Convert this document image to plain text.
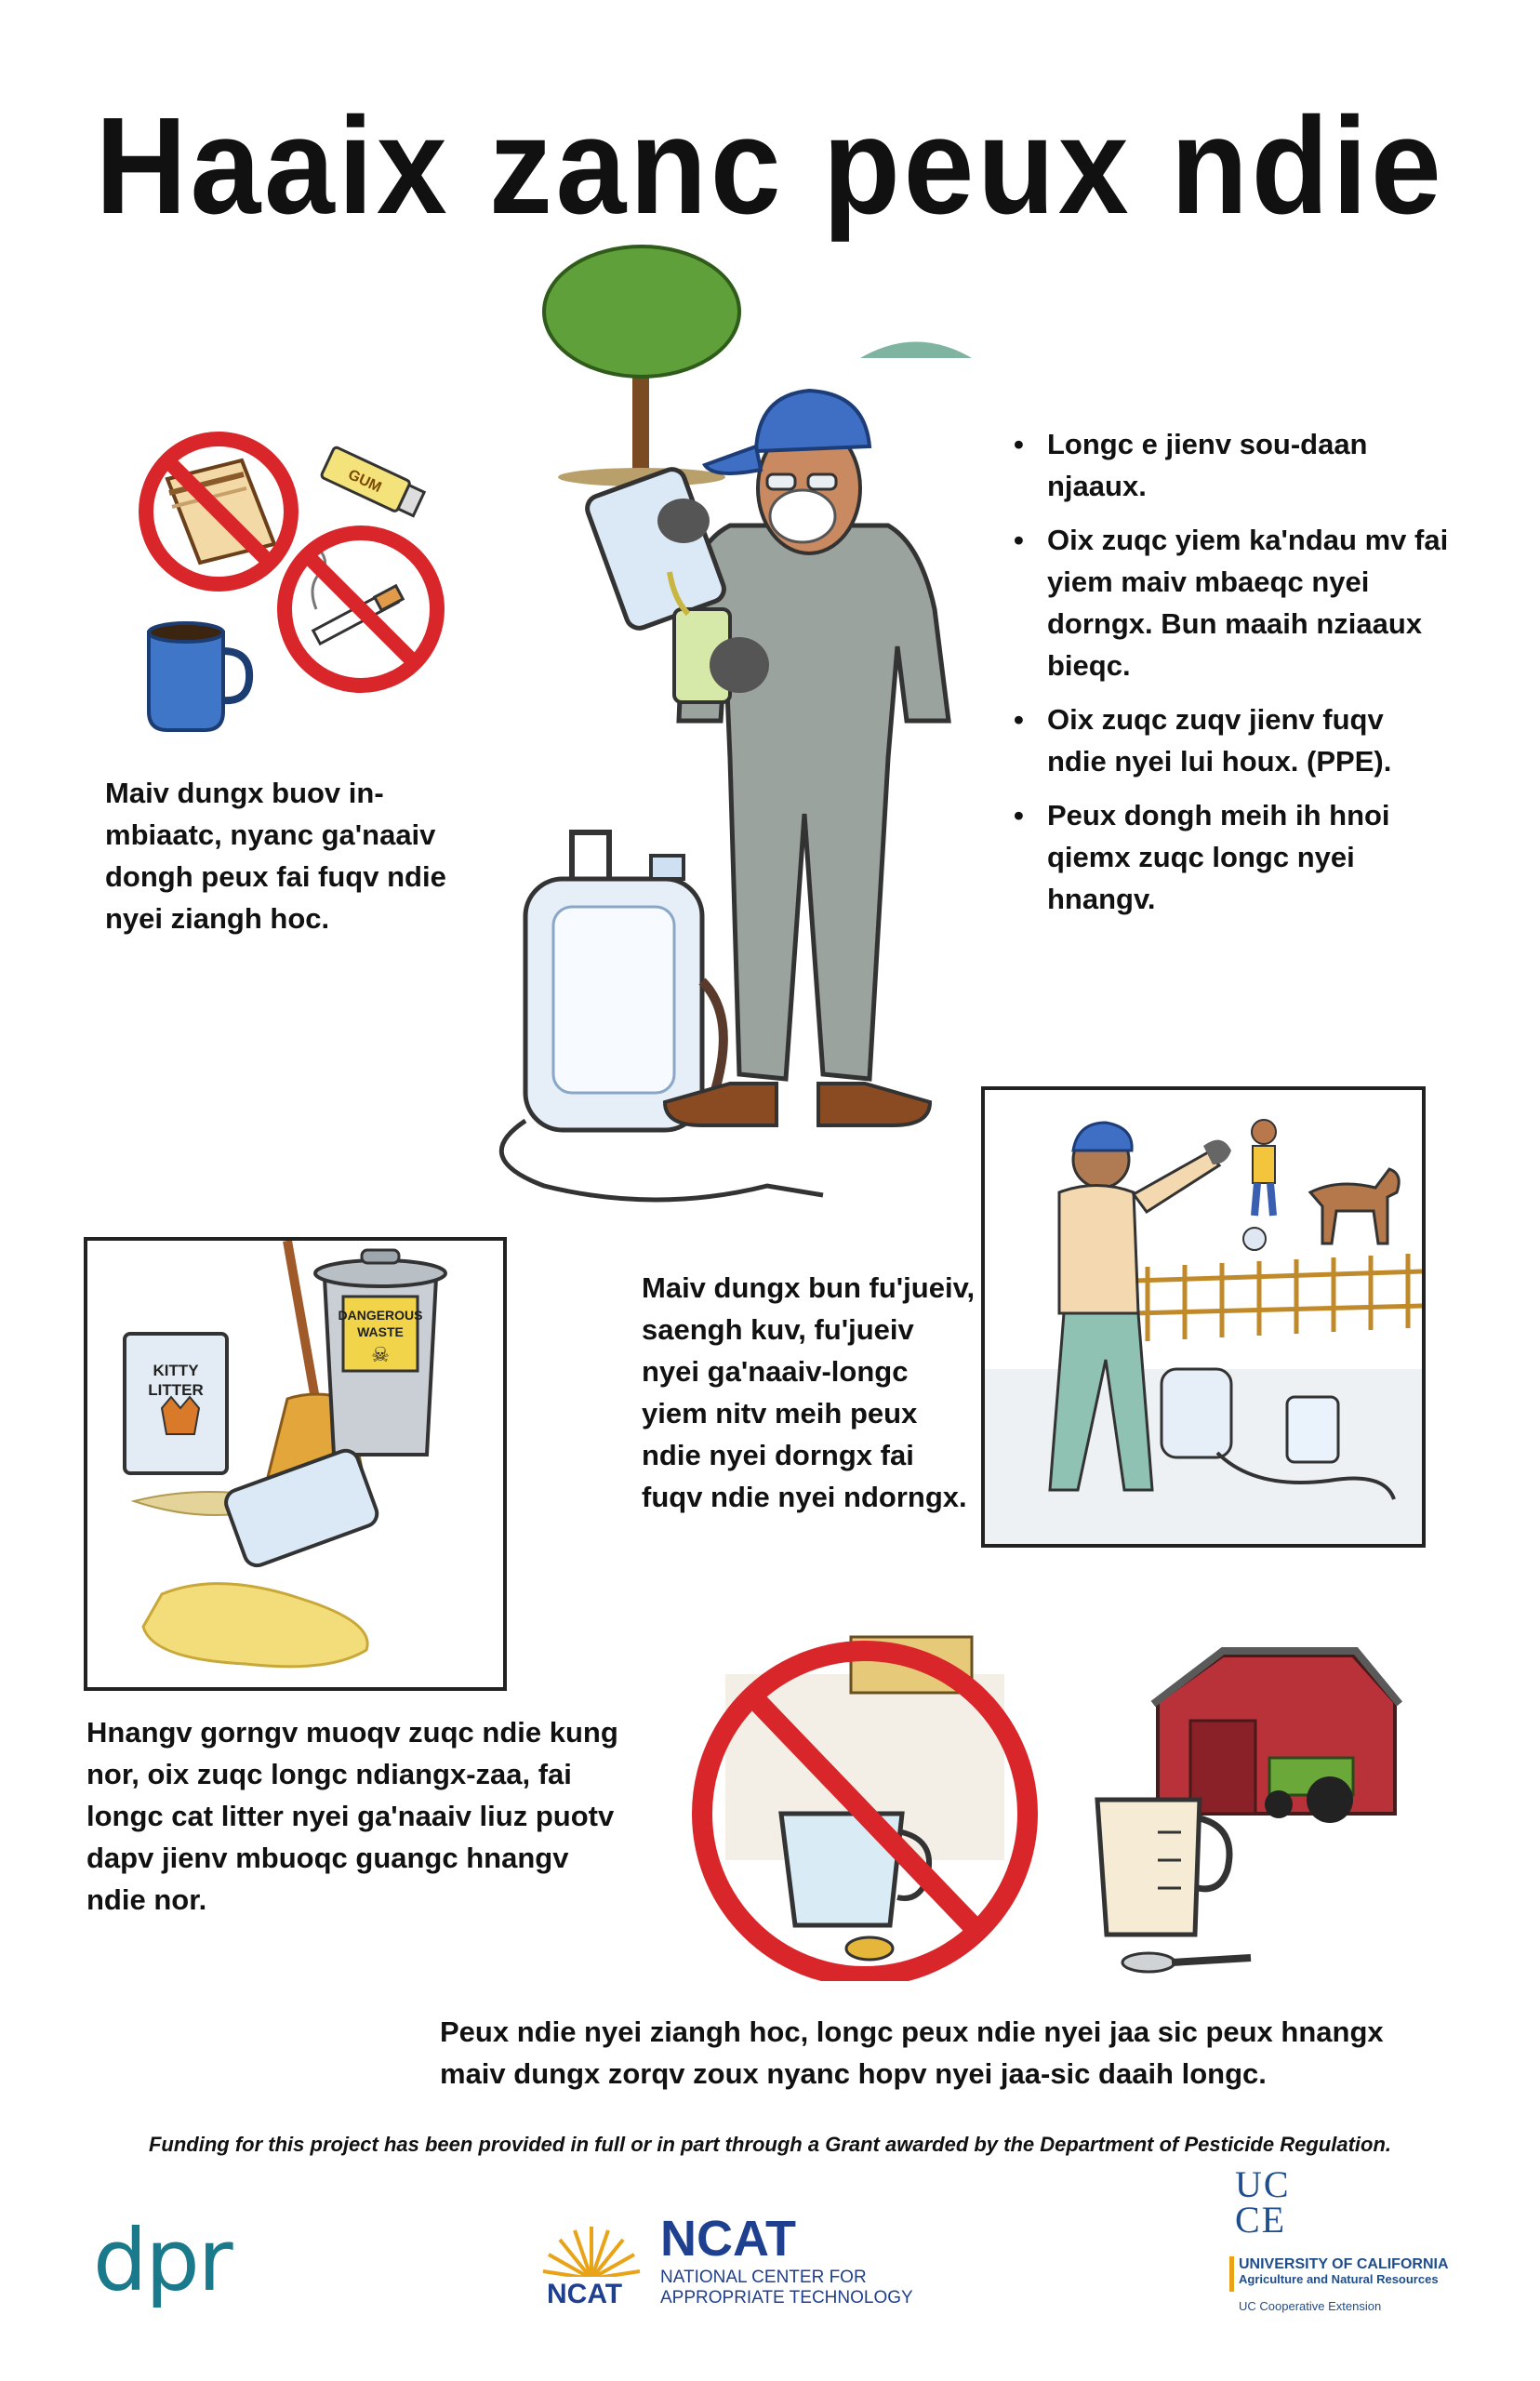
Haaix zanc peux ndie
GUM
Maiv dungx buov in-mbiaatc, nyanc ga'naaiv dongh peux fai fuqv ndie nyei ziangh hoc.
• Longc e jienv sou-daan njaaux.
• Oix zuqc yiem ka'ndau mv fai yiem maiv mbaeqc nyei dorngx. Bun maaih nziaaux bieqc.
• Oix zuqc zuqv jienv fuqv ndie nyei lui houx. (PPE).
• Peux dongh meih ih hnoi qiemx zuqc longc nyei hnangv.
KITTY
LITTER
DANGEROUS
WASTE
☠
Maiv dungx bun fu'jueiv, saengh kuv, fu'jueiv nyei ga'naaiv-longc yiem nitv meih peux ndie nyei dorngx fai fuqv ndie nyei ndorngx.
Hnangv gorngv muoqv zuqc ndie kung nor, oix zuqc longc ndiangx-zaa, fai longc cat litter nyei ga'naaiv liuz puotv dapv jienv mbuoqc guangc hnangv ndie nor.
Peux ndie nyei ziangh hoc, longc peux ndie nyei jaa sic peux hnangx
maiv dungx zorqv zoux nyanc hopv nyei jaa-sic daaih longc.
Funding for this project has been provided in full or in part through a Grant awarded by the Department of Pesticide Regulation.
dpr	NCAT
NCAT
NATIONAL CENTER FOR
APPROPRIATE TECHNOLOGY
UC
CE
UNIVERSITY OF CALIFORNIA
Agriculture and Natural Resources
UC Cooperative Extension
